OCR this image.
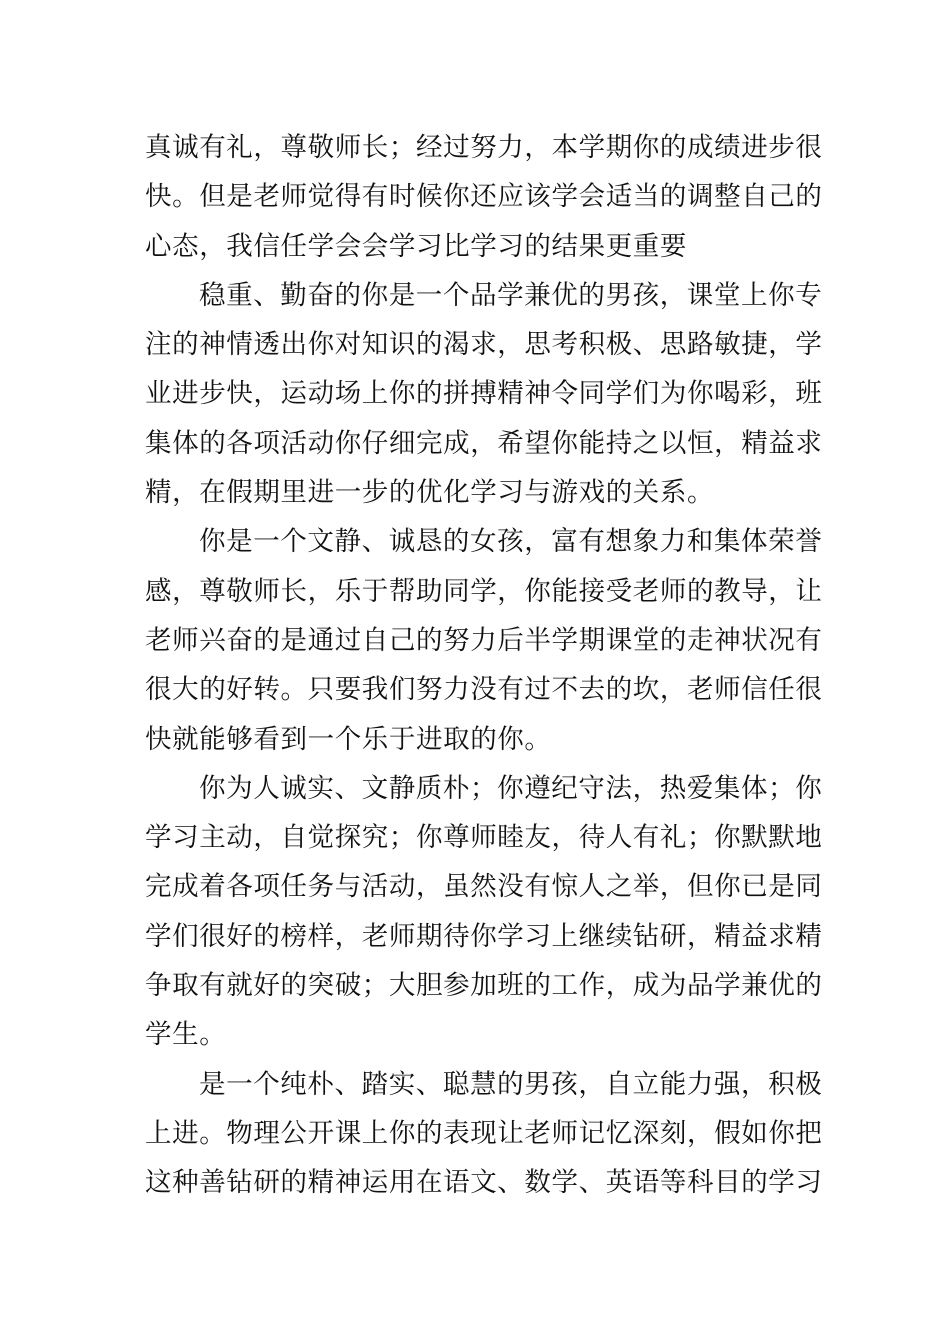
真诚有礼，尊敬师长；经过努力，本学期你的成绩进步很
快。但是老师觉得有时候你还应该学会适当的调整自己的
心态，我信任学会会学习比学习的结果更重要
稳重、勤奋的你是一个品学兼优的男孩，课堂上你专
注的神情透出你对知识的渴求，思考积极、思路敏捷，学
业进步快，运动场上你的拼搏精神令同学们为你喝彩，班
集体的各项活动你仔细完成，希望你能持之以恒，精益求
精，在假期里进一步的优化学习与游戏的关系。
你是一个文静、诚恳的女孩，富有想象力和集体荣誉
感，尊敬师长，乐于帮助同学，你能接受老师的教导，让
老师兴奋的是通过自己的努力后半学期课堂的走神状况有
很大的好转。只要我们努力没有过不去的坎，老师信任很
快就能够看到一个乐于进取的你。
你为人诚实、文静质朴；你遵纪守法，热爱集体；你
学习主动，自觉探究；你尊师睦友，待人有礼；你默默地
完成着各项任务与活动，虽然没有惊人之举，但你已是同
学们很好的榜样，老师期待你学习上继续钻研，精益求精
争取有就好的突破；大胆参加班的工作，成为品学兼优的
学生。
是一个纯朴、踏实、聪慧的男孩，自立能力强，积极
上进。物理公开课上你的表现让老师记忆深刻，假如你把
这种善钻研的精神运用在语文、数学、英语等科目的学习
